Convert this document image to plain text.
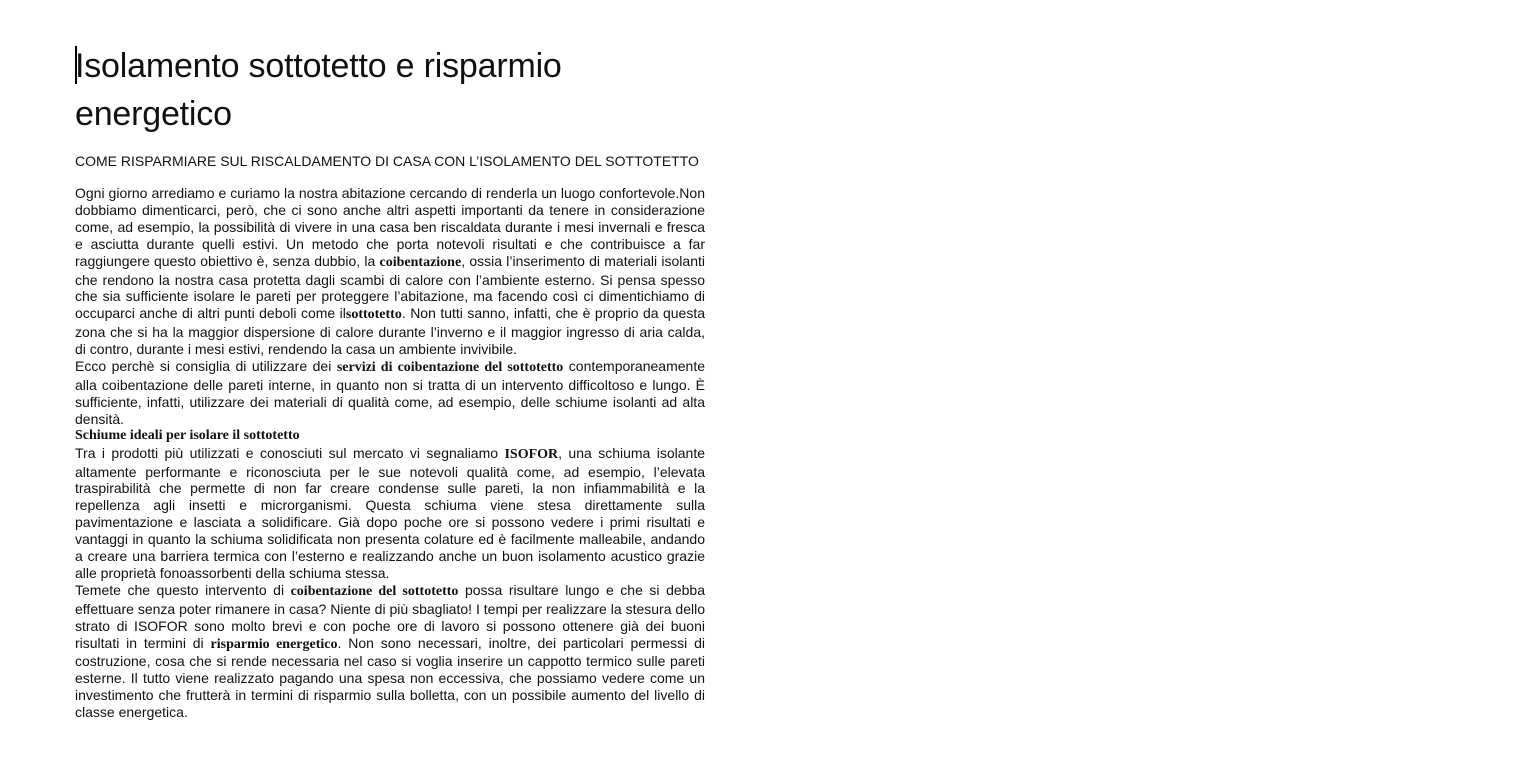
Isolamento sottotetto e risparmio energetico
COME RISPARMIARE SUL RISCALDAMENTO DI CASA CON L’ISOLAMENTO DEL SOTTOTETTO

Ogni giorno arrediamo e curiamo la nostra abitazione cercando di renderla un luogo confortevole.Non dobbiamo dimenticarci, però, che ci sono anche altri aspetti importanti da tenere in considerazione come, ad esempio, la possibilità di vivere in una casa ben riscaldata durante i mesi invernali e fresca e asciutta durante quelli estivi. Un metodo che porta notevoli risultati e che contribuisce a far raggiungere questo obiettivo è, senza dubbio, la coibentazione, ossia l’inserimento di materiali isolanti che rendono la nostra casa protetta dagli scambi di calore con l’ambiente esterno. Si pensa spesso che sia sufficiente isolare le pareti per proteggere l’abitazione, ma facendo così ci dimentichiamo di occuparci anche di altri punti deboli come ilsottotetto. Non tutti sanno, infatti, che è proprio da questa zona che si ha la maggior dispersione di calore durante l’inverno e il maggior ingresso di aria calda, di contro, durante i mesi estivi, rendendo la casa un ambiente invivibile.

Ecco perchè si consiglia di utilizzare dei servizi di coibentazione del sottotetto contemporaneamente alla coibentazione delle pareti interne, in quanto non si tratta di un intervento difficoltoso e lungo. È sufficiente, infatti, utilizzare dei materiali di qualità come, ad esempio, delle schiume isolanti ad alta densità.

Schiume ideali per isolare il sottotetto

Tra i prodotti più utilizzati e conosciuti sul mercato vi segnaliamo ISOFOR, una schiuma isolante altamente performante e riconosciuta per le sue notevoli qualità come, ad esempio, l’elevata traspirabilità che permette di non far creare condense sulle pareti, la non infiammabilità e la repellenza agli insetti e microrganismi. Questa schiuma viene stesa direttamente sulla pavimentazione e lasciata a solidificare. Già dopo poche ore si possono vedere i primi risultati e vantaggi in quanto la schiuma solidificata non presenta colature ed è facilmente malleabile, andando a creare una barriera termica con l’esterno e realizzando anche un buon isolamento acustico grazie alle proprietà fonoassorbenti della schiuma stessa.

Temete che questo intervento di coibentazione del sottotetto possa risultare lungo e che si debba effettuare senza poter rimanere in casa? Niente di più sbagliato! I tempi per realizzare la stesura dello strato di ISOFOR sono molto brevi e con poche ore di lavoro si possono ottenere già dei buoni risultati in termini di risparmio energetico. Non sono necessari, inoltre, dei particolari permessi di costruzione, cosa che si rende necessaria nel caso si voglia inserire un cappotto termico sulle pareti esterne. Il tutto viene realizzato pagando una spesa non eccessiva, che possiamo vedere come un investimento che frutterà in termini di risparmio sulla bolletta, con un possibile aumento del livello di classe energetica.
